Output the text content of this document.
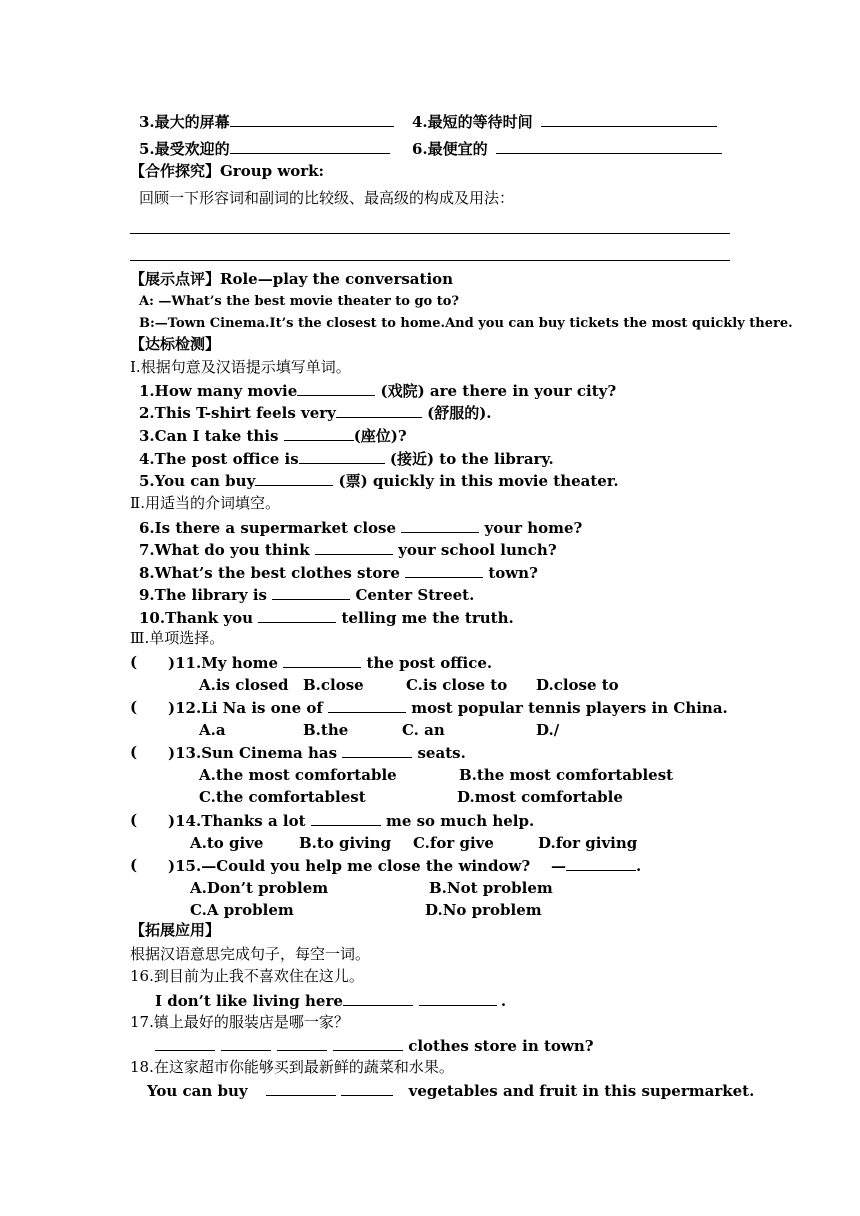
3.最大的屏幕	4.最短的等待时间
5.最受欢迎的	6.最便宜的
【合作探究】Group work:
回顾一下形容词和副词的比较级、最高级的构成及用法：
【展示点评】Role—play the conversation
A: —What’s the best movie theater to go to?
B:—Town Cinema.It’s the closest to home.And you can buy tickets the most quickly there.
【达标检测】
Ⅰ.根据句意及汉语提示填写单词。
1.How many movie	(戏院) are there in your city?
2.This T-shirt feels very	(舒服的).
3.Can I take this	(座位)?
4.The post office is	(接近) to the library.
5.You can buy	(票) quickly in this movie theater.
Ⅱ.用适当的介词填空。
6.Is there a supermarket close	your home?
7.What do you think	your school lunch?
8.What’s the best clothes store	town?
9.The library is	Center Street.
10.Thank you	telling me the truth.
Ⅲ.单项选择。
( )11.My home	the post office.
A.is closed B.close	C.is close to D.close to
( )12.Li Na is one of	most popular tennis players in China.
A.a	B.the	C. an	D./
( )13.Sun Cinema has	seats.
A.the most comfortable	B.the most comfortablest
C.the comfortablest	D.most comfortable
( )14.Thanks a lot	me so much help.
A.to give B.to giving C.for give	D.for giving
( )15.—Could you help me close the window?    —	.
A.Don’t problem	B.Not problem
C.A problem	D.No problem
【拓展应用】
根据汉语意思完成句子，每空一词。
16.到目前为止我不喜欢住在这儿。
I don’t like living here	.
17.镇上最好的服装店是哪一家？
clothes store in town?
18.在这家超市你能够买到最新鲜的蔬菜和水果。
You can buy	vegetables and fruit in this supermarket.
